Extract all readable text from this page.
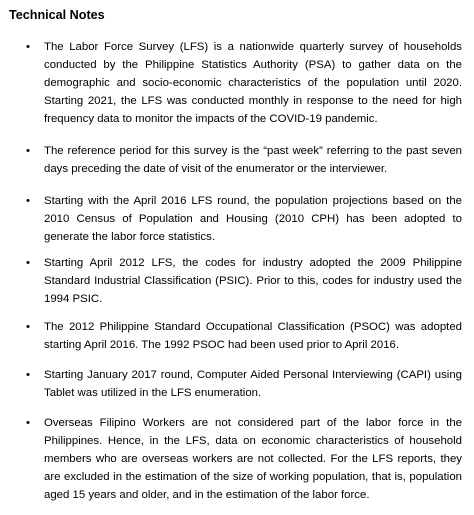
Technical Notes
•	The Labor Force Survey (LFS) is a nationwide quarterly survey of households conducted by the Philippine Statistics Authority (PSA) to gather data on the demographic and socio-economic characteristics of the population until 2020. Starting 2021, the LFS was conducted monthly in response to the need for high frequency data to monitor the impacts of the COVID-19 pandemic.
•	The reference period for this survey is the “past week” referring to the past seven days preceding the date of visit of the enumerator or the interviewer.
•	Starting with the April 2016 LFS round, the population projections based on the 2010 Census of Population and Housing (2010 CPH) has been adopted to generate the labor force statistics.
•	Starting April 2012 LFS, the codes for industry adopted the 2009 Philippine Standard Industrial Classification (PSIC). Prior to this, codes for industry used the 1994 PSIC.
•	The 2012 Philippine Standard Occupational Classification (PSOC) was adopted starting April 2016. The 1992 PSOC had been used prior to April 2016.
•	Starting January 2017 round, Computer Aided Personal Interviewing (CAPI) using Tablet was utilized in the LFS enumeration.
•	Overseas Filipino Workers are not considered part of the labor force in the Philippines. Hence, in the LFS, data on economic characteristics of household members who are overseas workers are not collected. For the LFS reports, they are excluded in the estimation of the size of working population, that is, population aged 15 years and older, and in the estimation of the labor force.
